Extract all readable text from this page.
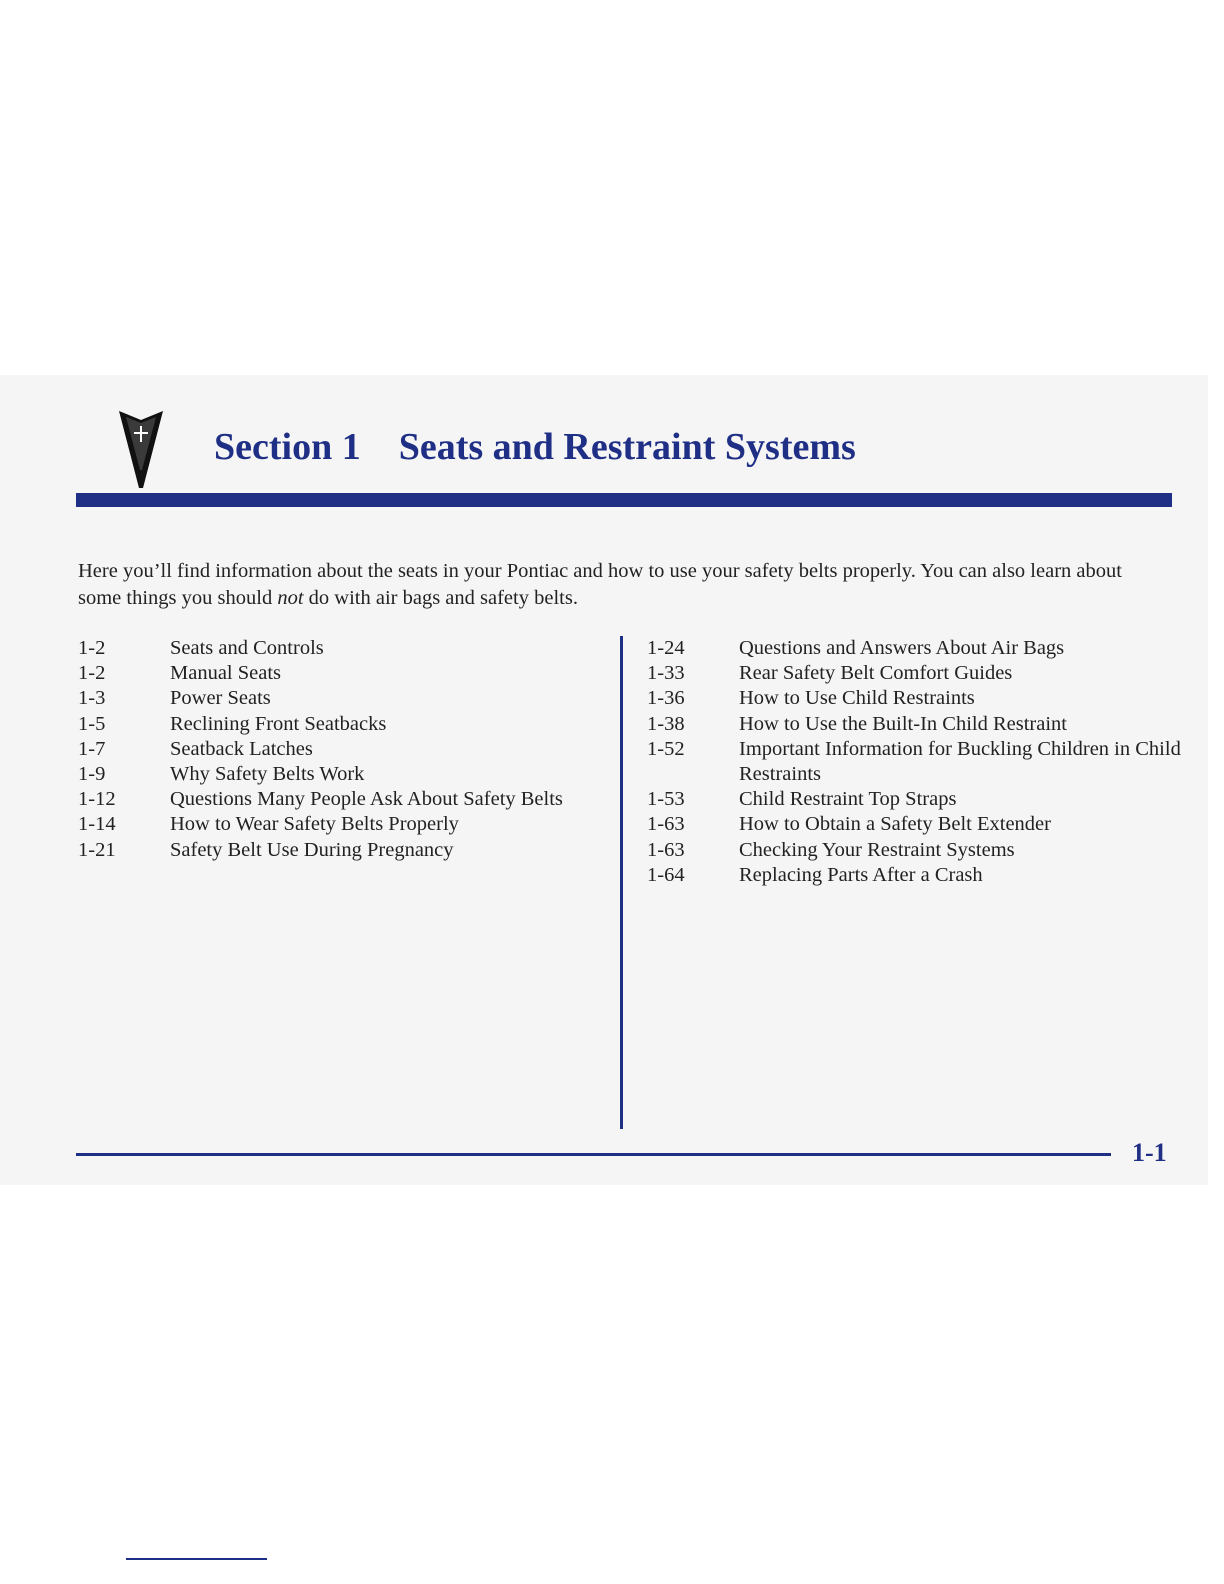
Section 1 Seats and Restraint Systems

Here you’ll find information about the seats in your Pontiac and how to use your safety belts properly. You can also learn about some things you should not do with air bags and safety belts.

1-2	Seats and Controls
1-2	Manual Seats
1-3	Power Seats
1-5	Reclining Front Seatbacks
1-7	Seatback Latches
1-9	Why Safety Belts Work
1-12	Questions Many People Ask About Safety Belts
1-14	How to Wear Safety Belts Properly
1-21	Safety Belt Use During Pregnancy
1-24	Questions and Answers About Air Bags
1-33	Rear Safety Belt Comfort Guides
1-36	How to Use Child Restraints
1-38	How to Use the Built-In Child Restraint
1-52	Important Information for Buckling Children in Child Restraints
1-53	Child Restraint Top Straps
1-63	How to Obtain a Safety Belt Extender
1-63	Checking Your Restraint Systems
1-64	Replacing Parts After a Crash
1-1
